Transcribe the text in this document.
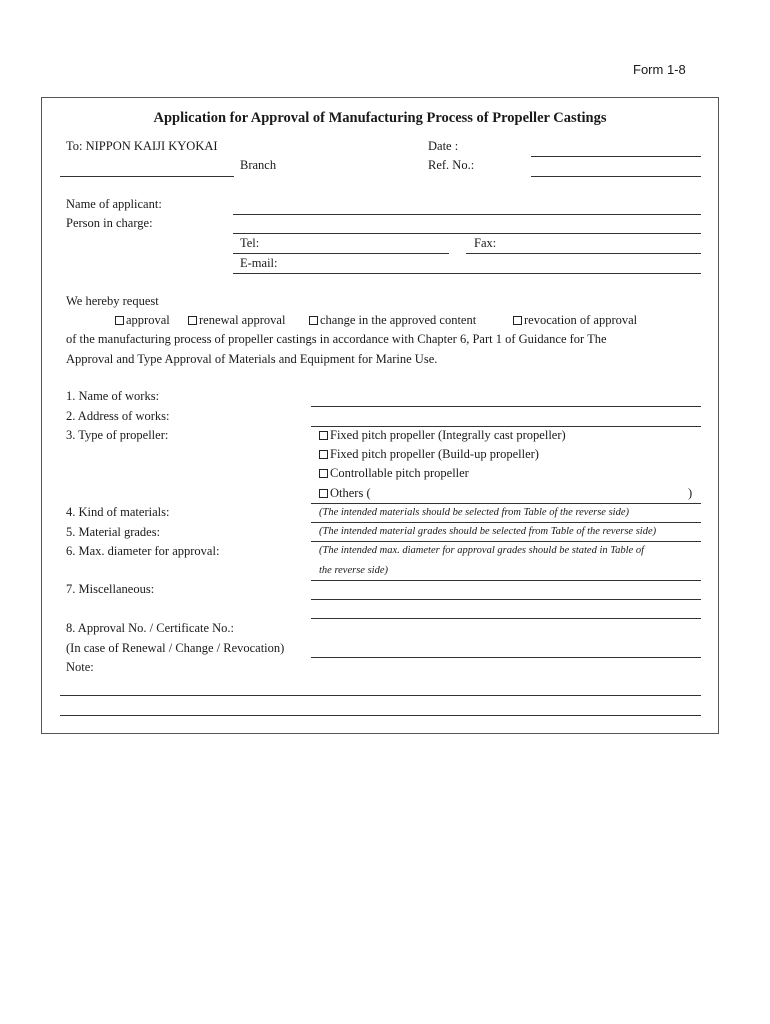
Form 1-8
Application for Approval of Manufacturing Process of Propeller Castings
To: NIPPON KAIJI KYOKAI
Branch
Date :
Ref. No.:
Name of applicant:
Person in charge:
Tel:	Fax:
E-mail:
We hereby request
approval	renewal approval	change in the approved content	revocation of approval
of the manufacturing process of propeller castings in accordance with Chapter 6, Part 1 of Guidance for The
Approval and Type Approval of Materials and Equipment for Marine Use.
1. Name of works:
2. Address of works:
3. Type of propeller:	Fixed pitch propeller (Integrally cast propeller)
Fixed pitch propeller (Build-up propeller)
Controllable pitch propeller
Others (	)
4. Kind of materials:	(The intended materials should be selected from Table of the reverse side)
5. Material grades:	(The intended material grades should be selected from Table of the reverse side)
6. Max. diameter for approval:	(The intended max. diameter for approval grades should be stated in Table of
the reverse side)
7. Miscellaneous:
8. Approval No. / Certificate No.:
(In case of Renewal / Change / Revocation)
Note:
